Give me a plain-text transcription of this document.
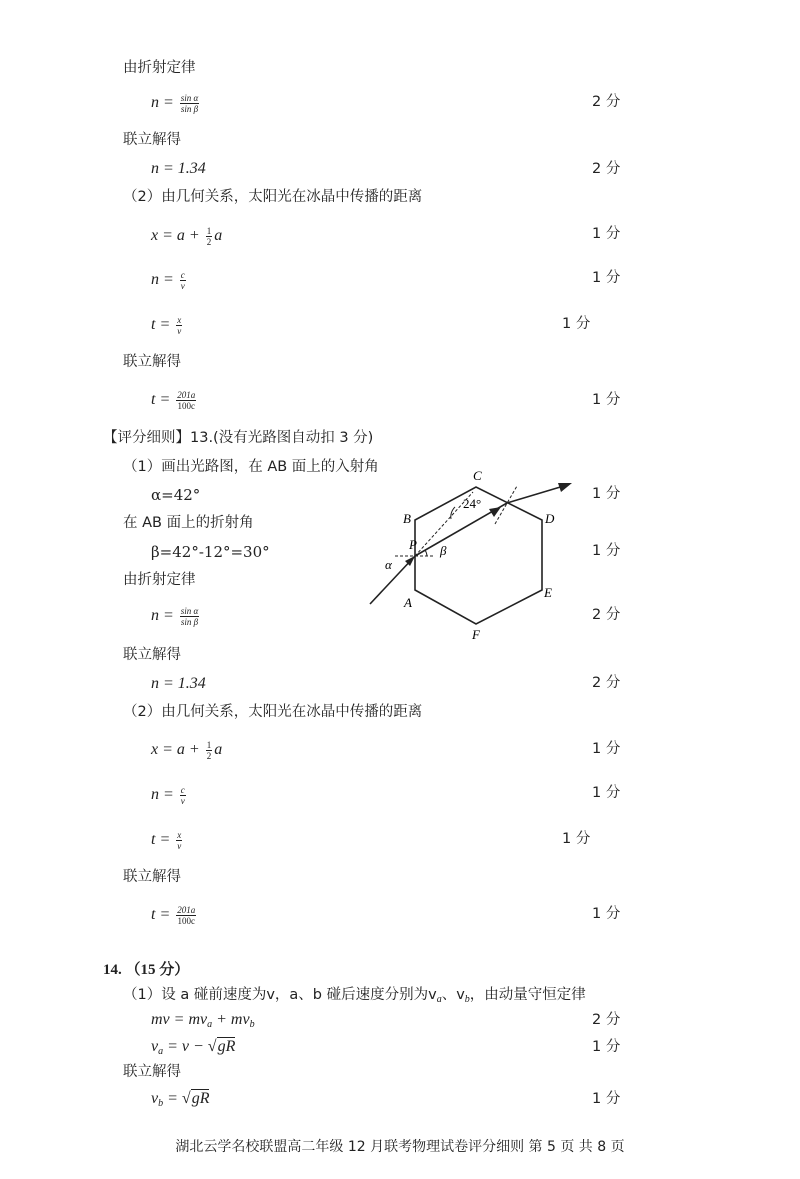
由折射定律
$n = \frac{\text{sin α}}{\text{sin β}}$	2 分
联立解得
n = 1.34	2 分
（2）由几何关系，太阳光在冰晶中传播的距离
$x = a + \frac{1}{2}$ a	1 分
$n = \frac{c}{v}$	1 分
$t = \frac{x}{v}$	1 分
联立解得
$t = \frac{201a}{100c}$	1 分
【评分细则】13.(没有光路图自动扣 3 分)
（1）画出光路图，在 AB 面上的入射角
α=42°	1 分
在 AB 面上的折射角
β=42°-12°=30°	1 分
由折射定律
$n = \frac{\text{sin α}}{\text{sin β}}$	2 分
联立解得
n = 1.34	2 分
（2）由几何关系，太阳光在冰晶中传播的距离
$x = a + \frac{1}{2}$ a	1 分
$n = \frac{c}{v}$	1 分
$t = \frac{x}{v}$	1 分
联立解得
$t = \frac{201a}{100c}$	1 分
C
B	D
P β
α
A
E
F
24°
14. （15 分）
（1）设 a 碰前速度为v，a、b 碰后速度分别为$v_a$、$v_b$，由动量守恒定律
mv = $mv_a + mv_b$	2 分
$v_a = v - √gR$	1 分
联立解得
$v_b = √gR$	1 分
湖北云学名校联盟高二年级 12 月联考物理试卷评分细则 第 5 页 共 8 页
